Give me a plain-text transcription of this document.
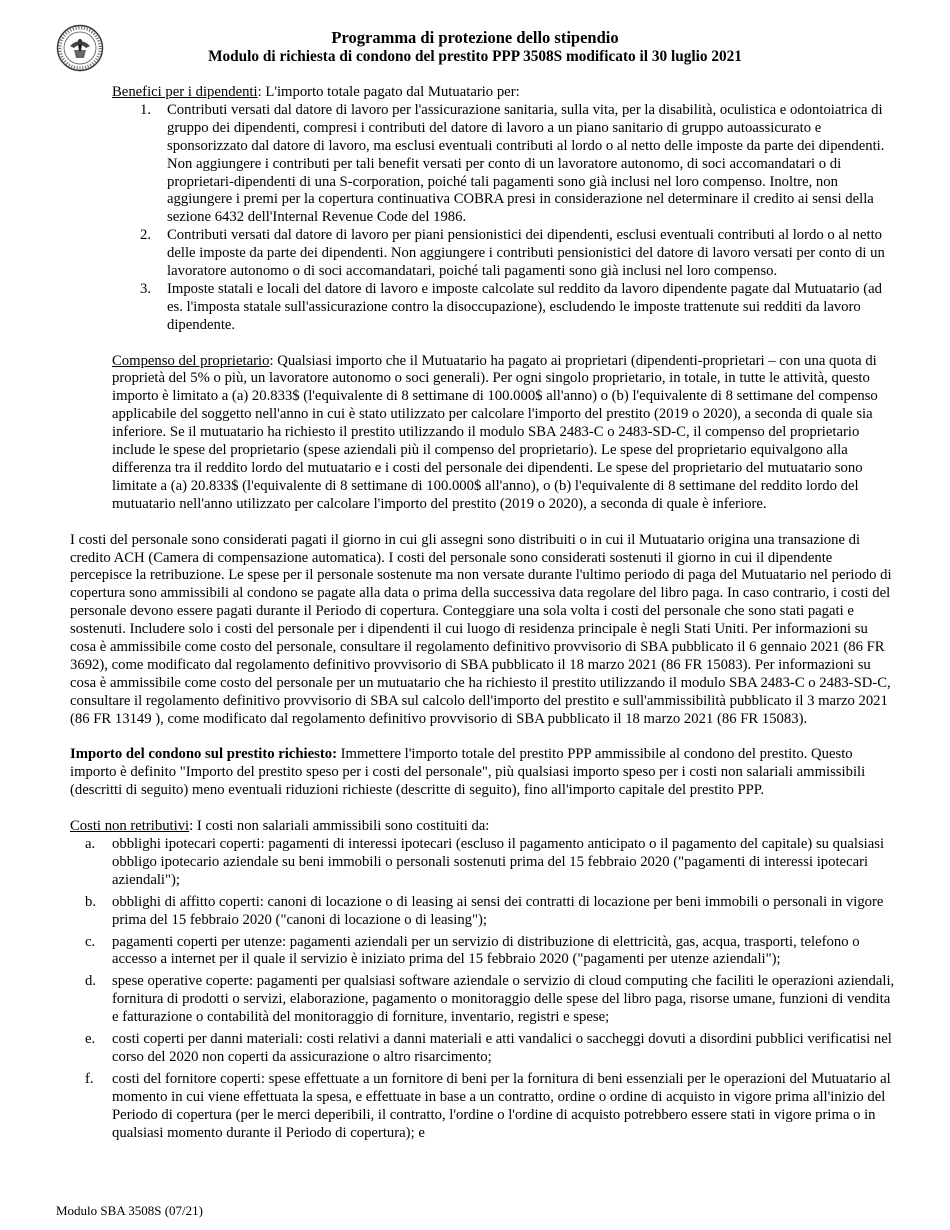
Programma di protezione dello stipendio
Modulo di richiesta di condono del prestito PPP 3508S modificato il 30 luglio 2021

Benefici per i dipendenti: L'importo totale pagato dal Mutuatario per:

1. Contributi versati dal datore di lavoro per l'assicurazione sanitaria, sulla vita, per la disabilità, oculistica e odontoiatrica di gruppo dei dipendenti, compresi i contributi del datore di lavoro a un piano sanitario di gruppo autoassicurato e sponsorizzato dal datore di lavoro, ma esclusi eventuali contributi al lordo o al netto delle imposte da parte dei dipendenti. Non aggiungere i contributi per tali benefit versati per conto di un lavoratore autonomo, di soci accomandatari o di proprietari-dipendenti di una S-corporation, poiché tali pagamenti sono già inclusi nel loro compenso. Inoltre, non aggiungere i premi per la copertura continuativa COBRA presi in considerazione nel determinare il credito ai sensi della sezione 6432 dell'Internal Revenue Code del 1986.
2. Contributi versati dal datore di lavoro per piani pensionistici dei dipendenti, esclusi eventuali contributi al lordo o al netto delle imposte da parte dei dipendenti. Non aggiungere i contributi pensionistici del datore di lavoro versati per conto di un lavoratore autonomo o di soci accomandatari, poiché tali pagamenti sono già inclusi nel loro compenso.
3. Imposte statali e locali del datore di lavoro e imposte calcolate sul reddito da lavoro dipendente pagate dal Mutuatario (ad es. l'imposta statale sull'assicurazione contro la disoccupazione), escludendo le imposte trattenute sui redditi da lavoro dipendente.

Compenso del proprietario: Qualsiasi importo che il Mutuatario ha pagato ai proprietari (dipendenti-proprietari – con una quota di proprietà del 5% o più, un lavoratore autonomo o soci generali). Per ogni singolo proprietario, in totale, in tutte le attività, questo importo è limitato a (a) 20.833$ (l'equivalente di 8 settimane di 100.000$ all'anno) o (b) l'equivalente di 8 settimane del compenso applicabile del soggetto nell'anno in cui è stato utilizzato per calcolare l'importo del prestito (2019 o 2020), a seconda di quale sia inferiore. Se il mutuatario ha richiesto il prestito utilizzando il modulo SBA 2483-C o 2483-SD-C, il compenso del proprietario include le spese del proprietario (spese aziendali più il compenso del proprietario). Le spese del proprietario equivalgono alla differenza tra il reddito lordo del mutuatario e i costi del personale dei dipendenti. Le spese del proprietario del mutuatario sono limitate a (a) 20.833$ (l'equivalente di 8 settimane di 100.000$ all'anno), o (b) l'equivalente di 8 settimane del reddito lordo del mutuatario nell'anno utilizzato per calcolare l'importo del prestito (2019 o 2020), a seconda di quale è inferiore.

I costi del personale sono considerati pagati il giorno in cui gli assegni sono distribuiti o in cui il Mutuatario origina una transazione di credito ACH (Camera di compensazione automatica). I costi del personale sono considerati sostenuti il giorno in cui il dipendente percepisce la retribuzione. Le spese per il personale sostenute ma non versate durante l'ultimo periodo di paga del Mutuatario nel periodo di copertura sono ammissibili al condono se pagate alla data o prima della successiva data regolare del libro paga. In caso contrario, i costi del personale devono essere pagati durante il Periodo di copertura. Conteggiare una sola volta i costi del personale che sono stati pagati e sostenuti. Includere solo i costi del personale per i dipendenti il cui luogo di residenza principale è negli Stati Uniti. Per informazioni su cosa è ammissibile come costo del personale, consultare il regolamento definitivo provvisorio di SBA pubblicato il 6 gennaio 2021 (86 FR 3692), come modificato dal regolamento definitivo provvisorio di SBA pubblicato il 18 marzo 2021 (86 FR 15083). Per informazioni su cosa è ammissibile come costo del personale per un mutuatario che ha richiesto il prestito utilizzando il modulo SBA 2483-C o 2483-SD-C, consultare il regolamento definitivo provvisorio di SBA sul calcolo dell'importo del prestito e sull'ammissibilità pubblicato il 3 marzo 2021 (86 FR 13149 ), come modificato dal regolamento definitivo provvisorio di SBA pubblicato il 18 marzo 2021 (86 FR 15083).

Importo del condono sul prestito richiesto: Immettere l'importo totale del prestito PPP ammissibile al condono del prestito. Questo importo è definito "Importo del prestito speso per i costi del personale", più qualsiasi importo speso per i costi non salariali ammissibili (descritti di seguito) meno eventuali riduzioni richieste (descritte di seguito), fino all'importo capitale del prestito PPP.

Costi non retributivi: I costi non salariali ammissibili sono costituiti da:

a. obblighi ipotecari coperti: pagamenti di interessi ipotecari (escluso il pagamento anticipato o il pagamento del capitale) su qualsiasi obbligo ipotecario aziendale su beni immobili o personali sostenuti prima del 15 febbraio 2020 ("pagamenti di interessi ipotecari aziendali");
b. obblighi di affitto coperti: canoni di locazione o di leasing ai sensi dei contratti di locazione per beni immobili o personali in vigore prima del 15 febbraio 2020 ("canoni di locazione o di leasing");
c. pagamenti coperti per utenze: pagamenti aziendali per un servizio di distribuzione di elettricità, gas, acqua, trasporti, telefono o accesso a internet per il quale il servizio è iniziato prima del 15 febbraio 2020 ("pagamenti per utenze aziendali");
d. spese operative coperte: pagamenti per qualsiasi software aziendale o servizio di cloud computing che faciliti le operazioni aziendali, fornitura di prodotti o servizi, elaborazione, pagamento o monitoraggio delle spese del libro paga, risorse umane, funzioni di vendita e fatturazione o contabilità del monitoraggio di forniture, inventario, registri e spese;
e. costi coperti per danni materiali: costi relativi a danni materiali e atti vandalici o saccheggi dovuti a disordini pubblici verificatisi nel corso del 2020 non coperti da assicurazione o altro risarcimento;
f. costi del fornitore coperti: spese effettuate a un fornitore di beni per la fornitura di beni essenziali per le operazioni del Mutuatario al momento in cui viene effettuata la spesa, e effettuate in base a un contratto, ordine o ordine di acquisto in vigore prima all'inizio del Periodo di copertura (per le merci deperibili, il contratto, l'ordine o l'ordine di acquisto potrebbero essere stati in vigore prima o in qualsiasi momento durante il Periodo di copertura); e
Modulo SBA 3508S (07/21)
